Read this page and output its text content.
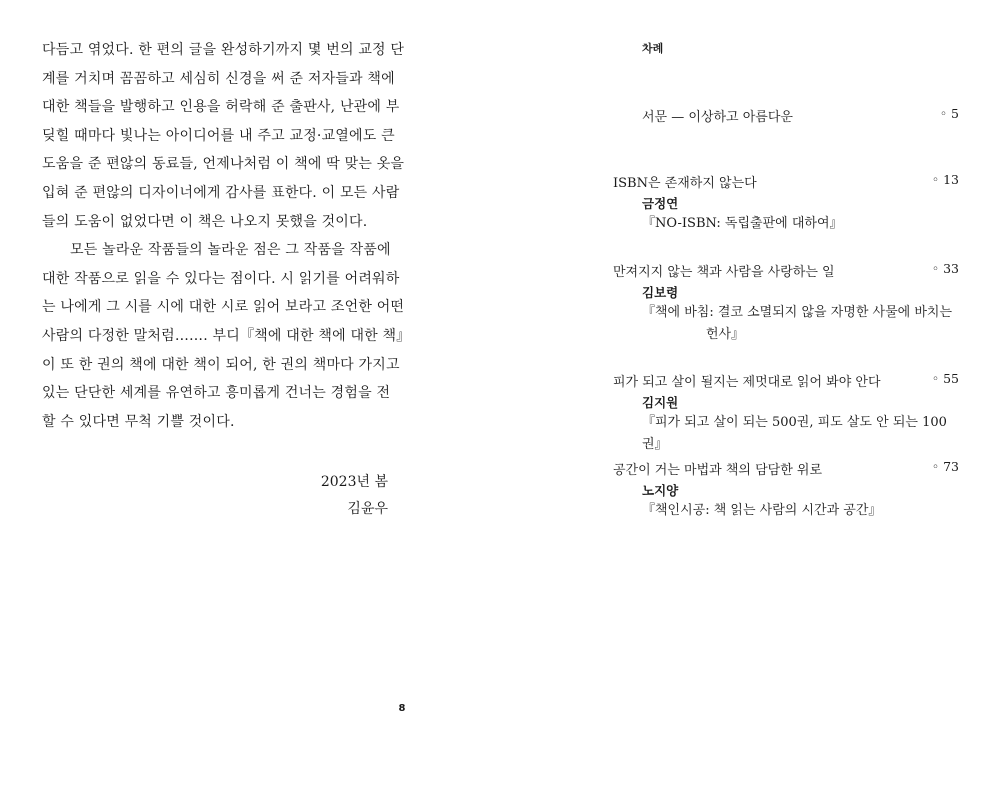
다듬고 엮었다. 한 편의 글을 완성하기까지 몇 번의 교정 단
계를 거치며 꼼꼼하고 세심히 신경을 써 준 저자들과 책에
대한 책들을 발행하고 인용을 허락해 준 출판사, 난관에 부
딪힐 때마다 빛나는 아이디어를 내 주고 교정·교열에도 큰
도움을 준 편않의 동료들, 언제나처럼 이 책에 딱 맞는 옷을
입혀 준 편않의 디자이너에게 감사를 표한다. 이 모든 사람
들의 도움이 없었다면 이 책은 나오지 못했을 것이다.
모든 놀라운 작품들의 놀라운 점은 그 작품을 작품에
대한 작품으로 읽을 수 있다는 점이다. 시 읽기를 어려워하
는 나에게 그 시를 시에 대한 시로 읽어 보라고 조언한 어떤
사람의 다정한 말처럼……. 부디『책에 대한 책에 대한 책』
이 또 한 권의 책에 대한 책이 되어, 한 권의 책마다 가지고
있는 단단한 세계를 유연하고 흥미롭게 건너는 경험을 전
할 수 있다면 무척 기쁠 것이다.
2023년 봄
김윤우
8
차례
서문 — 이상하고 아름다운	◦ 5
ISBN은 존재하지 않는다	◦ 13
금정연
『NO-ISBN: 독립출판에 대하여』
만져지지 않는 책과 사람을 사랑하는 일	◦ 33
김보령
『책에 바침: 결코 소멸되지 않을 자명한 사물에 바치는
헌사』
피가 되고 살이 될지는 제멋대로 읽어 봐야 안다	◦ 55
김지원
『피가 되고 살이 되는 500권, 피도 살도 안 되는 100권』
공간이 거는 마법과 책의 담담한 위로	◦ 73
노지양
『책인시공: 책 읽는 사람의 시간과 공간』
